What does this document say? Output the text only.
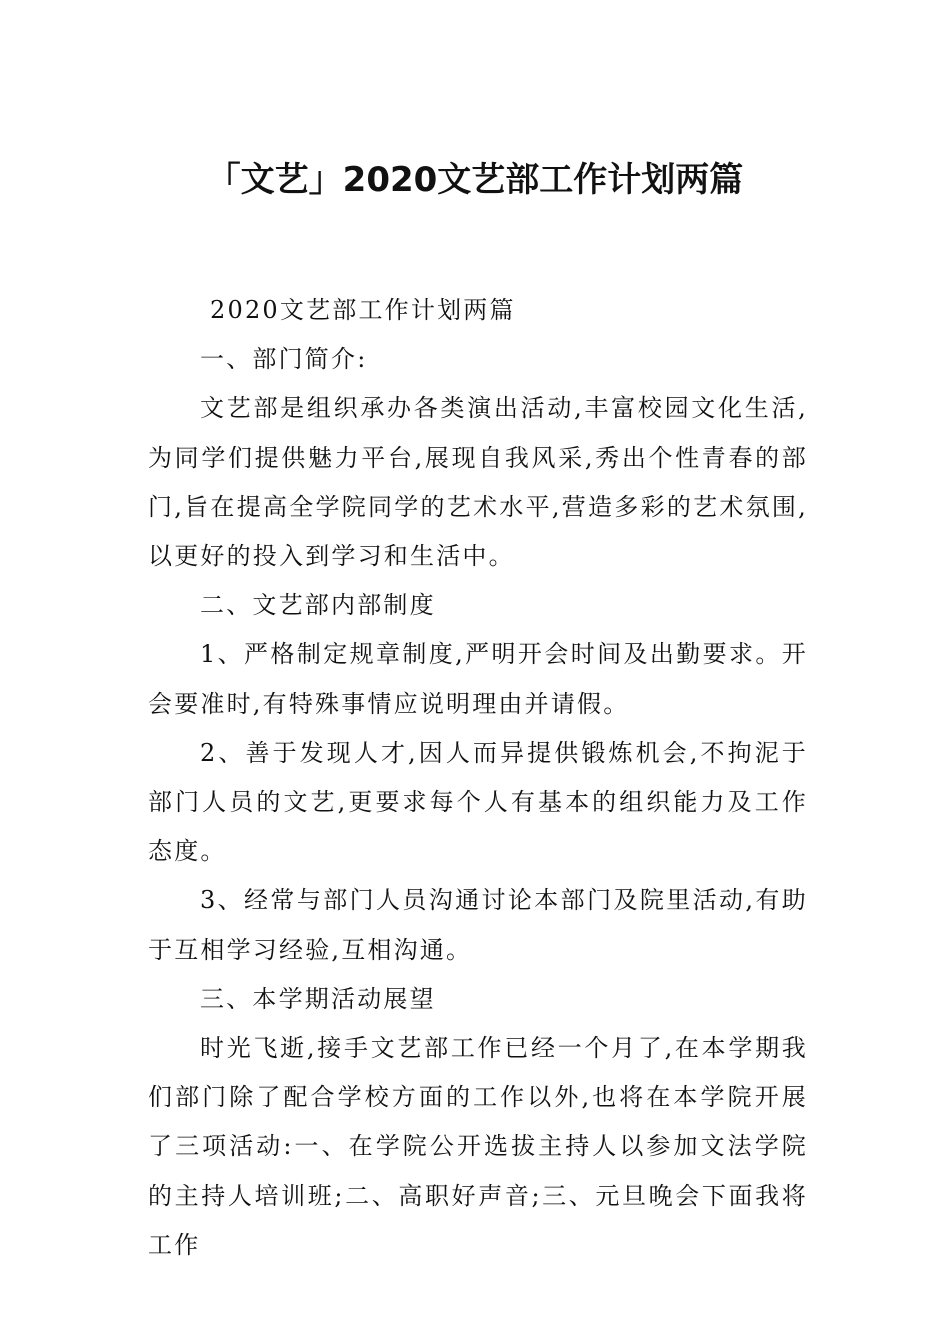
「文艺」2020文艺部工作计划两篇

2020文艺部工作计划两篇

一、部门简介:

文艺部是组织承办各类演出活动,丰富校园文化生活,为同学们提供魅力平台,展现自我风采,秀出个性青春的部门,旨在提高全学院同学的艺术水平,营造多彩的艺术氛围,以更好的投入到学习和生活中。

二、文艺部内部制度

1、严格制定规章制度,严明开会时间及出勤要求。开会要准时,有特殊事情应说明理由并请假。

2、善于发现人才,因人而异提供锻炼机会,不拘泥于部门人员的文艺,更要求每个人有基本的组织能力及工作态度。

3、经常与部门人员沟通讨论本部门及院里活动,有助于互相学习经验,互相沟通。

三、本学期活动展望

时光飞逝,接手文艺部工作已经一个月了,在本学期我们部门除了配合学校方面的工作以外,也将在本学院开展了三项活动:一、在学院公开选拔主持人以参加文法学院的主持人培训班;二、高职好声音;三、元旦晚会下面我将工作
